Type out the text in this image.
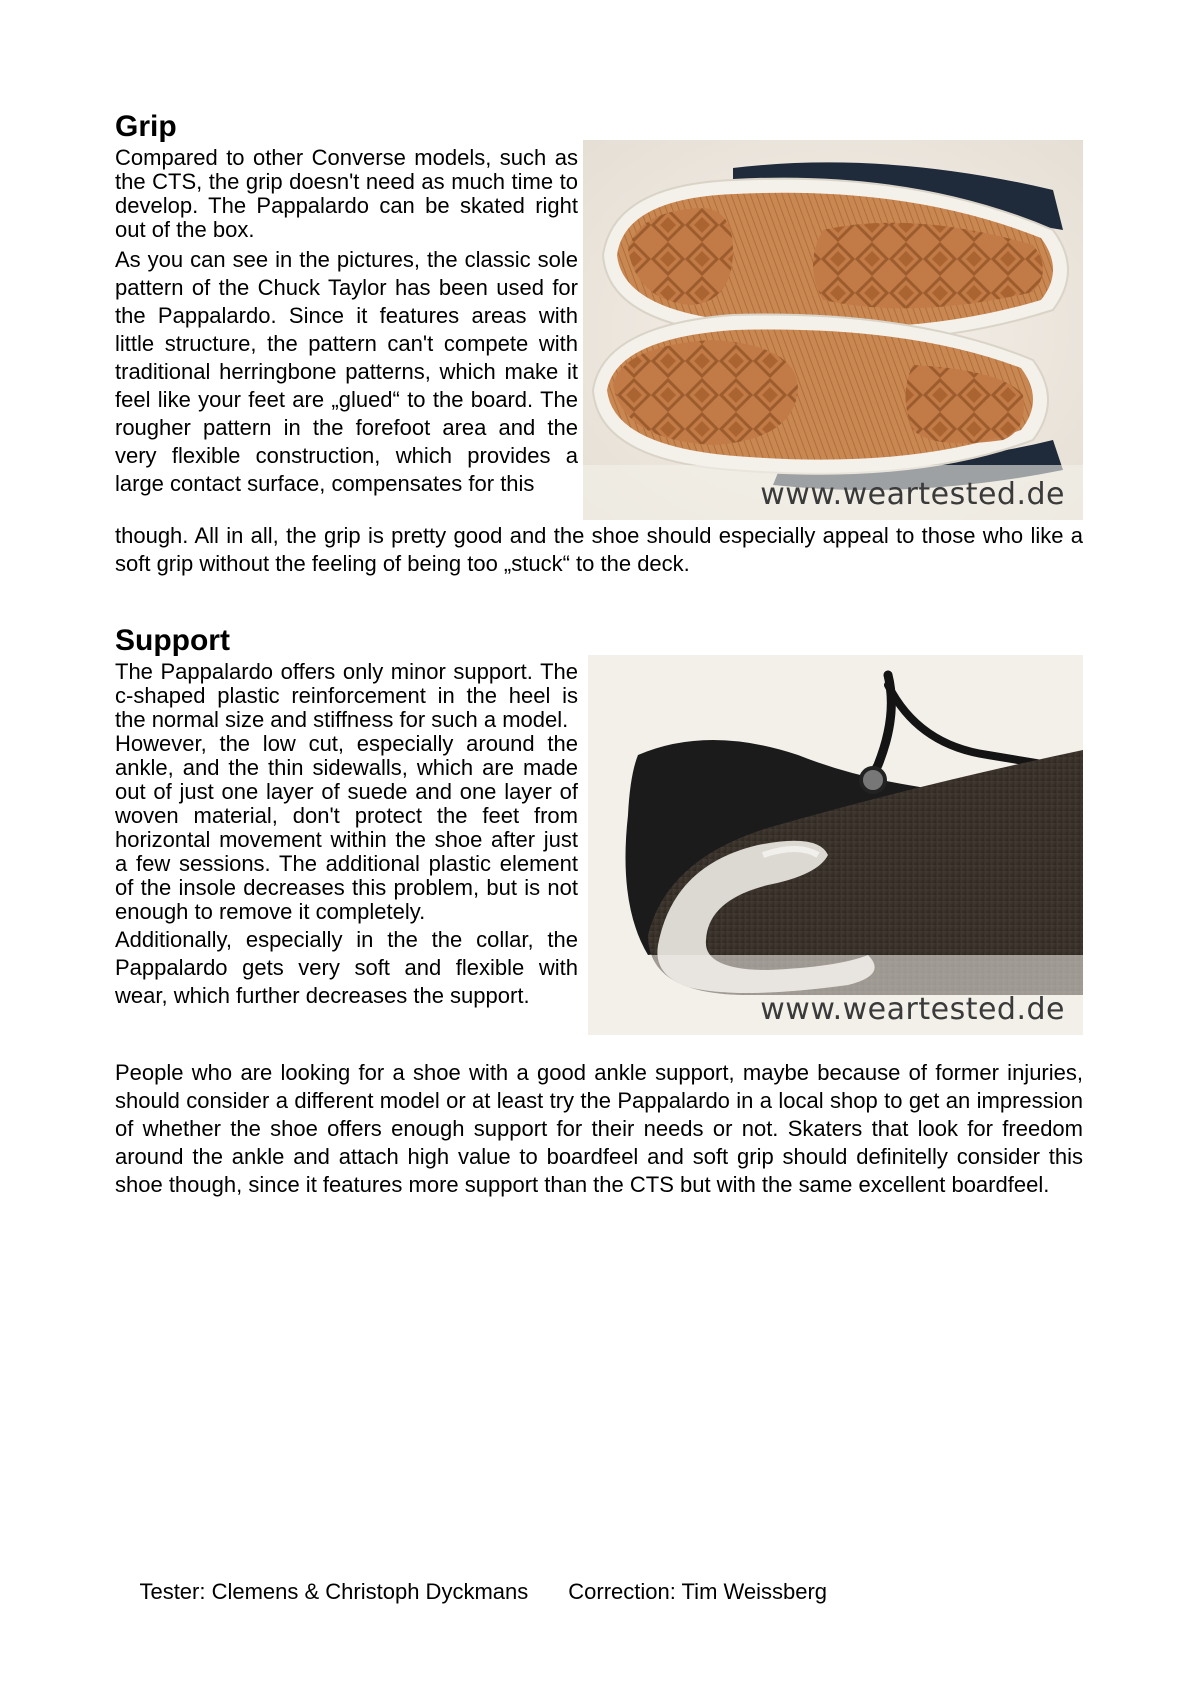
Grip

Compared to other Converse models, such as the CTS, the grip doesn't need as much time to develop. The Pappalardo can be skated right out of the box.

As you can see in the pictures, the classic sole pattern of the Chuck Taylor has been used for the Pappalardo. Since it features areas with little structure, the pattern can't compete with traditional herringbone patterns, which make it feel like your feet are „glued“ to the board. The rougher pattern in the forefoot area and the very flexible construction, which provides a large contact surface, compensates for this	www.weartested.de

though. All in all, the grip is pretty good and the shoe should especially appeal to those who like a soft grip without the feeling of being too „stuck“ to the deck.

Support

The Pappalardo offers only minor support. The c-shaped plastic reinforcement in the heel is the normal size and stiffness for such a model.

However, the low cut, especially around the ankle, and the thin sidewalls, which are made out of just one layer of suede and one layer of woven material, don't protect the feet from horizontal movement within the shoe after just a few sessions. The additional plastic element of the insole decreases this problem, but is not enough to remove it completely.

Additionally, especially in the the collar, the Pappalardo gets very soft and flexible with wear, which further decreases the support.	www.weartested.de

People who are looking for a shoe with a good ankle support, maybe because of former injuries, should consider a different model or at least try the Pappalardo in a local shop to get an impression of whether the shoe offers enough support for their needs or not. Skaters that look for freedom around the ankle and attach high value to boardfeel and soft grip should definitelly consider this shoe though, since it features more support than the CTS but with the same excellent boardfeel.

Tester: Clemens & Christoph Dyckmans Correction: Tim Weissberg
